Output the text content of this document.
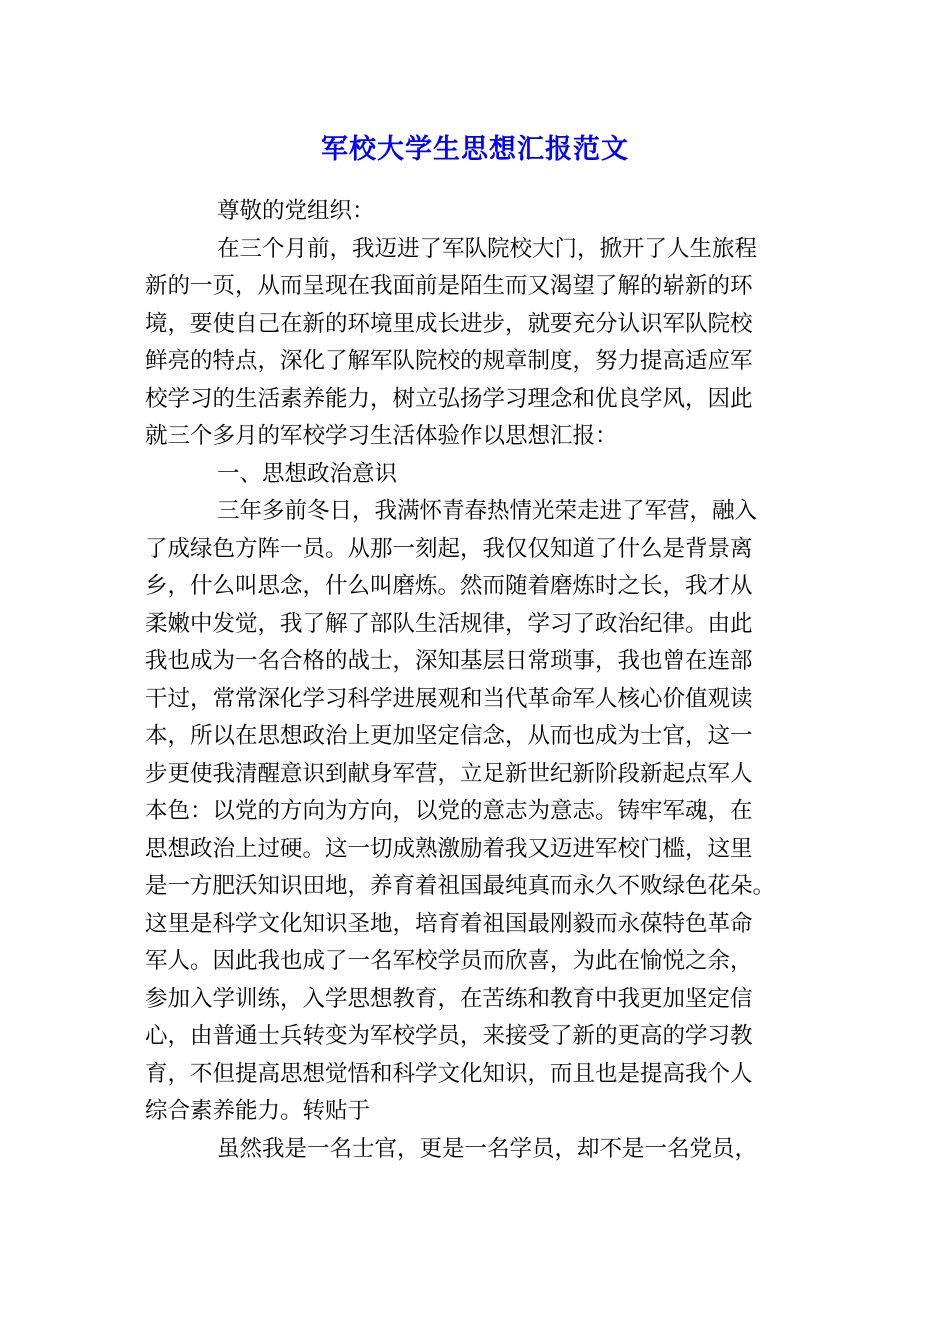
军校大学生思想汇报范文
尊敬的党组织：
在三个月前，我迈进了军队院校大门，掀开了人生旅程
新的一页，从而呈现在我面前是陌生而又渴望了解的崭新的环
境，要使自己在新的环境里成长进步，就要充分认识军队院校
鲜亮的特点，深化了解军队院校的规章制度，努力提高适应军
校学习的生活素养能力，树立弘扬学习理念和优良学风，因此
就三个多月的军校学习生活体验作以思想汇报：
一、思想政治意识
三年多前冬日，我满怀青春热情光荣走进了军营，融入
了成绿色方阵一员。从那一刻起，我仅仅知道了什么是背景离
乡，什么叫思念，什么叫磨炼。然而随着磨炼时之长，我才从
柔嫩中发觉，我了解了部队生活规律，学习了政治纪律。由此
我也成为一名合格的战士，深知基层日常琐事，我也曾在连部
干过，常常深化学习科学进展观和当代革命军人核心价值观读
本，所以在思想政治上更加坚定信念，从而也成为士官，这一
步更使我清醒意识到献身军营，立足新世纪新阶段新起点军人
本色：以党的方向为方向，以党的意志为意志。铸牢军魂，在
思想政治上过硬。这一切成熟激励着我又迈进军校门槛，这里
是一方肥沃知识田地，养育着祖国最纯真而永久不败绿色花朵。
这里是科学文化知识圣地，培育着祖国最刚毅而永葆特色革命
军人。因此我也成了一名军校学员而欣喜，为此在愉悦之余，
参加入学训练，入学思想教育，在苦练和教育中我更加坚定信
心，由普通士兵转变为军校学员，来接受了新的更高的学习教
育，不但提高思想觉悟和科学文化知识，而且也是提高我个人
综合素养能力。转贴于
虽然我是一名士官，更是一名学员，却不是一名党员，
